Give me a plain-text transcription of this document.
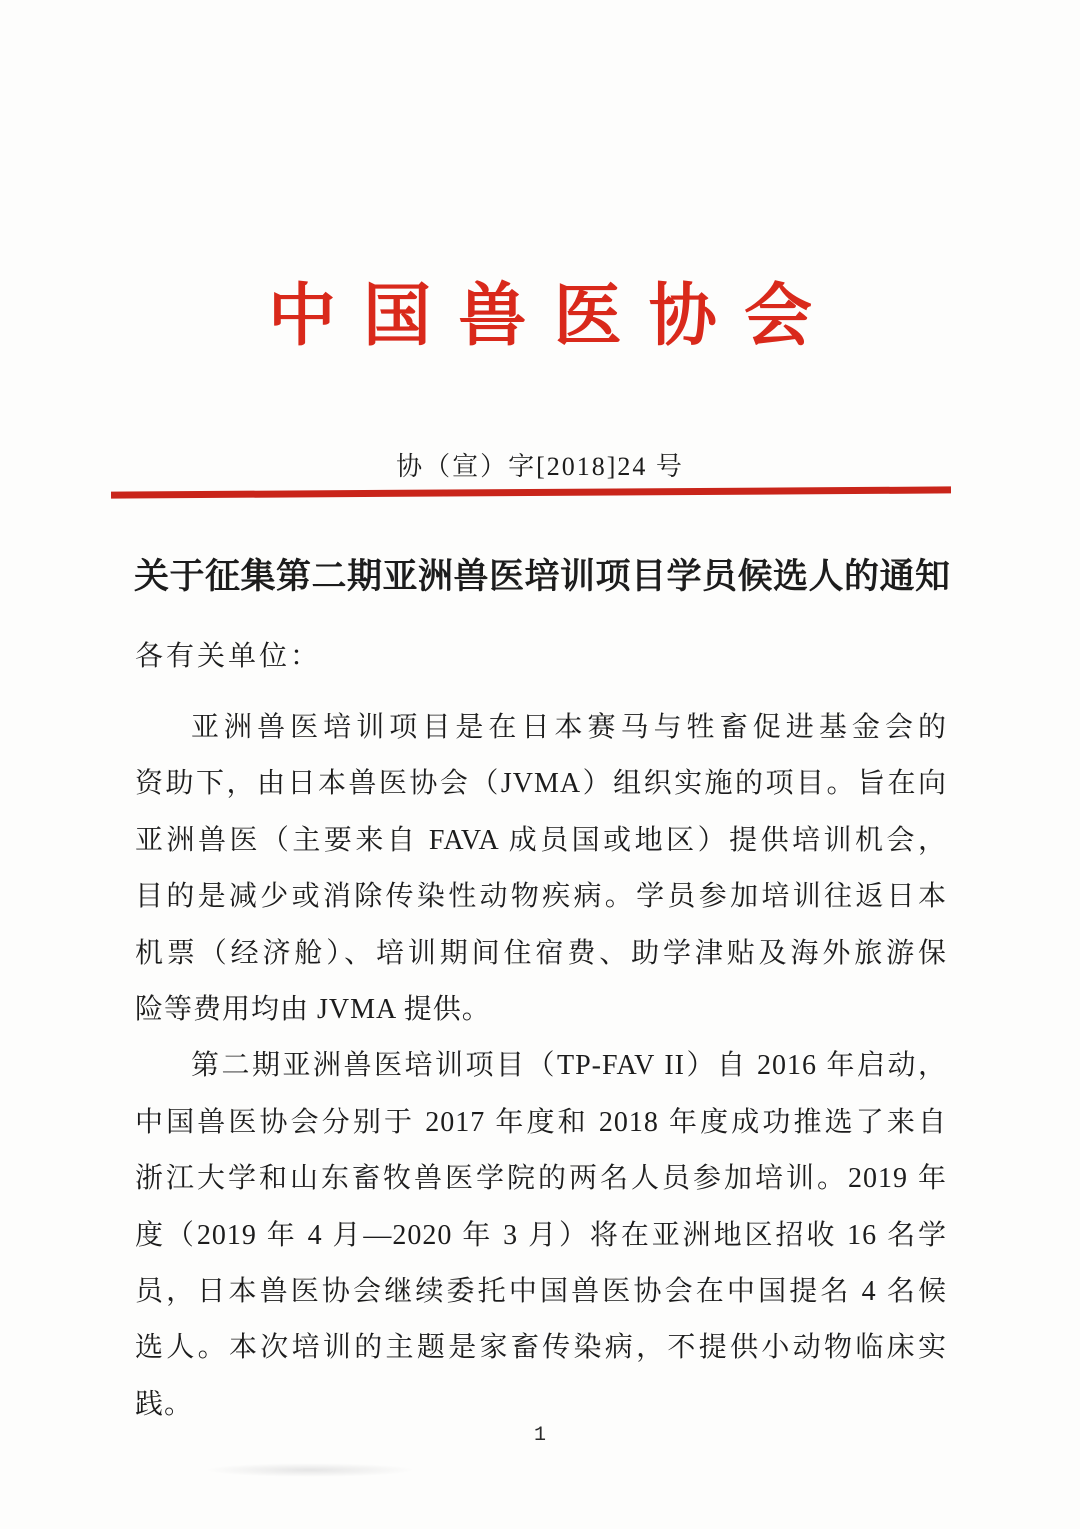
中国兽医协会
协（宣）字[2018]24 号
关于征集第二期亚洲兽医培训项目学员候选人的通知
各有关单位：
亚洲兽医培训项目是在日本赛马与牲畜促进基金会的
资助下，由日本兽医协会（JVMA）组织实施的项目。旨在向
亚洲兽医（主要来自 FAVA 成员国或地区）提供培训机会，
目的是减少或消除传染性动物疾病。学员参加培训往返日本
机票（经济舱）、培训期间住宿费、助学津贴及海外旅游保
险等费用均由 JVMA 提供。
第二期亚洲兽医培训项目（TP-FAV II）自 2016 年启动，
中国兽医协会分别于 2017 年度和 2018 年度成功推选了来自
浙江大学和山东畜牧兽医学院的两名人员参加培训。2019 年
度（2019 年 4 月—2020 年 3 月）将在亚洲地区招收 16 名学
员，日本兽医协会继续委托中国兽医协会在中国提名 4 名候
选人。本次培训的主题是家畜传染病，不提供小动物临床实
践。
1
